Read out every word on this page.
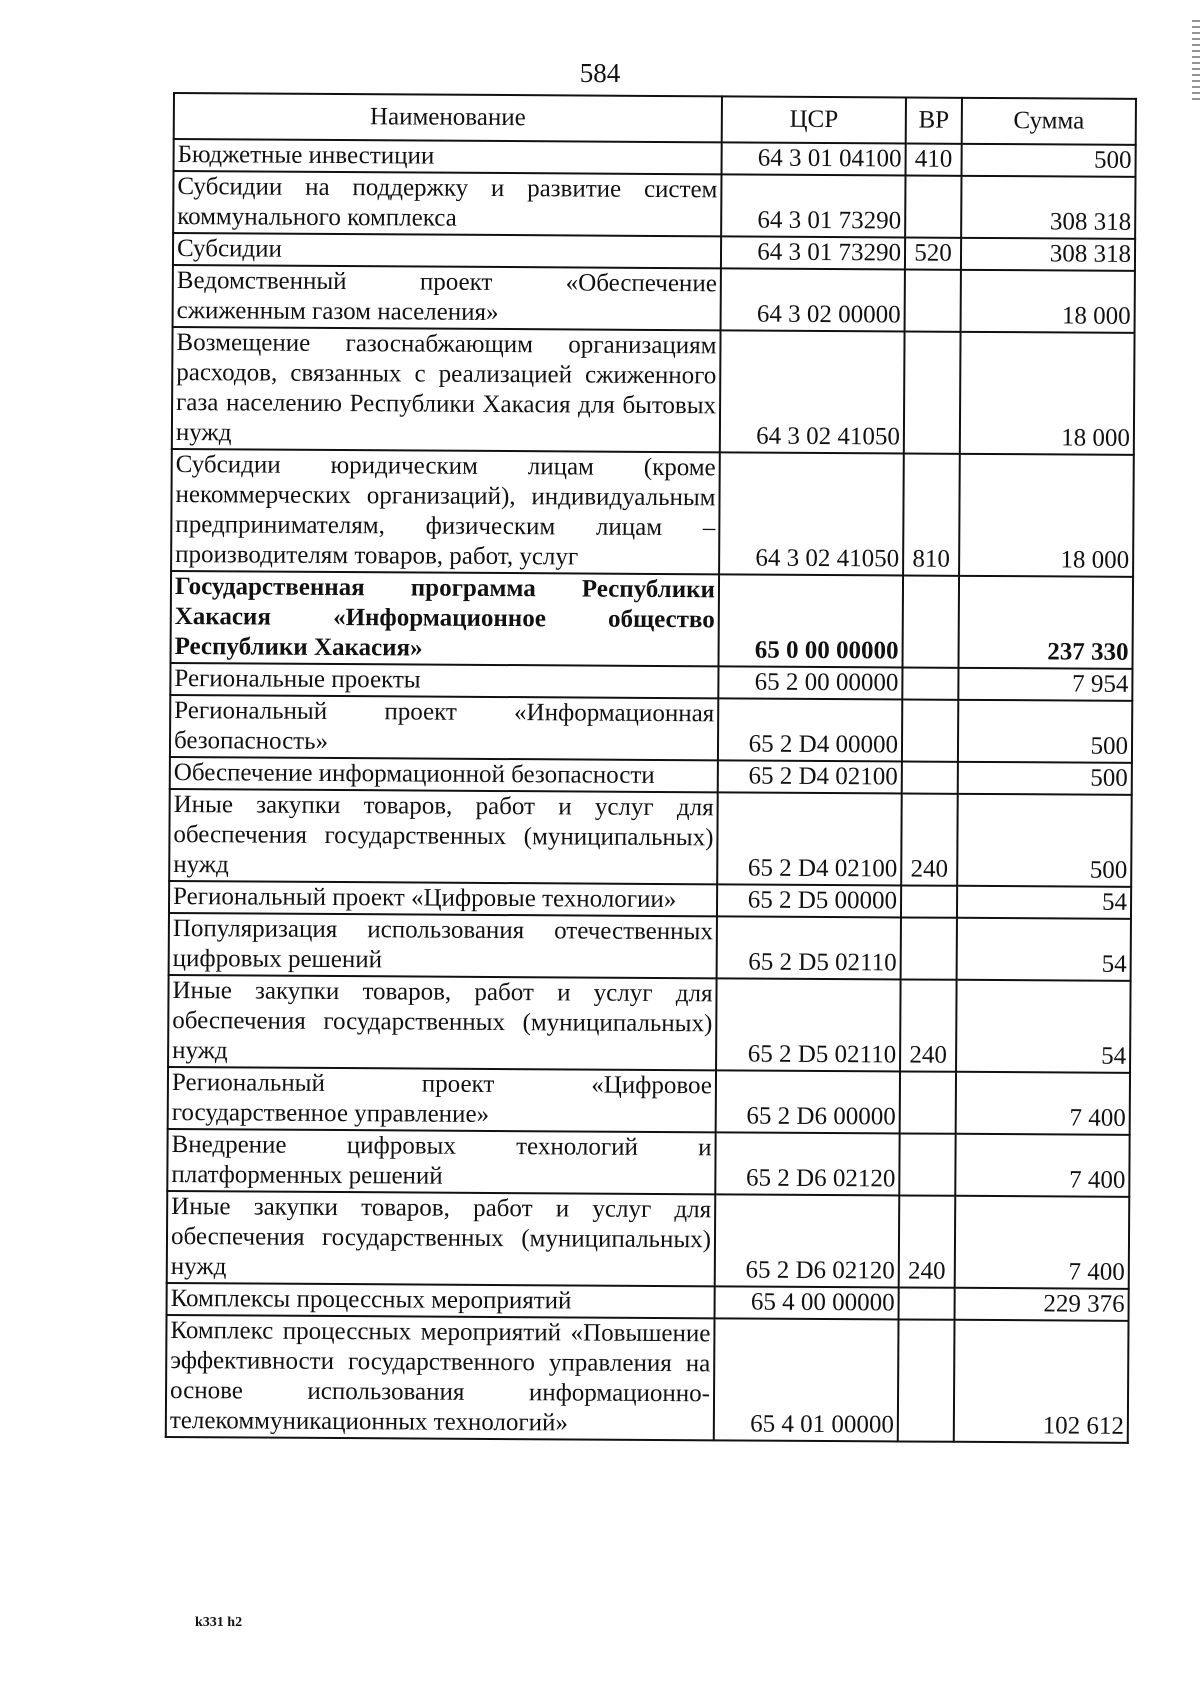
584
Наименование	ЦСР	ВР	Сумма
Бюджетные инвестиции	64 3 01 04100	410	500
Субсидии на поддержку и развитие систем коммунального комплекса	64 3 01 73290		308 318
Субсидии	64 3 01 73290	520	308 318
Ведомственный проект «Обеспечение сжиженным газом населения»	64 3 02 00000		18 000
Возмещение газоснабжающим организациям расходов, связанных с реализацией сжиженного газа населению Республики Хакасия для бытовых нужд	64 3 02 41050		18 000
Субсидии юридическим лицам (кроме некоммерческих организаций), индивидуальным предпринимателям, физическим лицам – производителям товаров, работ, услуг	64 3 02 41050	810	18 000
Государственная программа Республики Хакасия «Информационное общество Республики Хакасия»	65 0 00 00000		237 330
Региональные проекты	65 2 00 00000		7 954
Региональный проект «Информационная безопасность»	65 2 D4 00000		500
Обеспечение информационной безопасности	65 2 D4 02100		500
Иные закупки товаров, работ и услуг для обеспечения государственных (муниципальных) нужд	65 2 D4 02100	240	500
Региональный проект «Цифровые технологии»	65 2 D5 00000		54
Популяризация использования отечественных цифровых решений	65 2 D5 02110		54
Иные закупки товаров, работ и услуг для обеспечения государственных (муниципальных) нужд	65 2 D5 02110	240	54
Региональный проект «Цифровое государственное управление»	65 2 D6 00000		7 400
Внедрение цифровых технологий и платформенных решений	65 2 D6 02120		7 400
Иные закупки товаров, работ и услуг для обеспечения государственных (муниципальных) нужд	65 2 D6 02120	240	7 400
Комплексы процессных мероприятий	65 4 00 00000		229 376
Комплекс процессных мероприятий «Повышение эффективности государственного управления на основе использования информационно-телекоммуникационных технологий»	65 4 01 00000		102 612
k331 h2
